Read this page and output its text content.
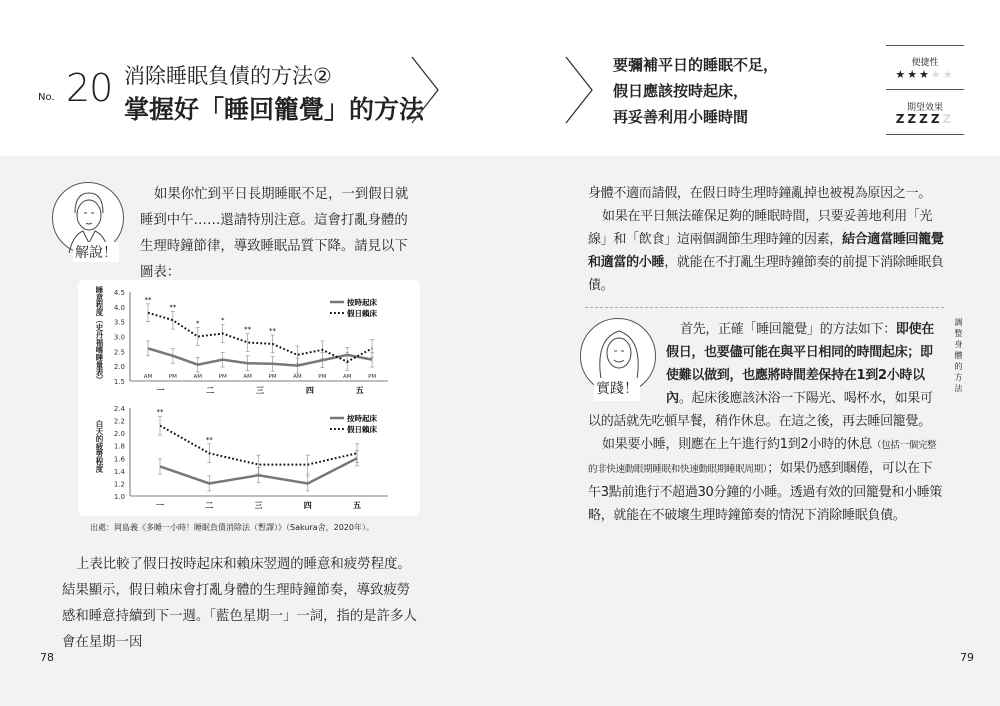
No. 20 消除睡眠負債的方法②
掌握好「睡回籠覺」的方法
要彌補平日的睡眠不足，
假日應該按時起床，
再妥善利用小睡時間
便捷性
★★★★★
期望效果
ZZZZZ
解說！
如果你忙到平日長期睡眠不足，一到假日就睡到中午……還請特別注意。這會打亂身體的生理時鐘節律，導致睡眠品質下降。請見以下圖表：
睡意程度（史丹福嗜睡量表）
白天的疲勞程度
1.5
2.0
2.5
3.0
3.5
4.0
4.5
AM	PM	AM	PM	AM	PM	AM	PM	AM	PM
一	二	三	四	五
按時起床
假日賴床
**
**
*	*
**	**
1.0
1.2
1.4
1.6
1.8
2.0
2.2
2.4
一	二	三	四	五
按時起床
假日賴床
**
**
出處：岡島義《多睡一小時！睡眠負債消除法（暫譯）》（Sakura舍，2020年）。
上表比較了假日按時起床和賴床翌週的睡意和疲勞程度。結果顯示，假日賴床會打亂身體的生理時鐘節奏，導致疲勞感和睡意持續到下一週。「藍色星期一」一詞，指的是許多人會在星期一因
78
身體不適而請假，在假日時生理時鐘亂掉也被視為原因之一。

如果在平日無法確保足夠的睡眠時間，只要妥善地利用「光線」和「飲食」這兩個調節生理時鐘的因素，結合適當睡回籠覺和適當的小睡，就能在不打亂生理時鐘節奏的前提下消除睡眠負債。

實踐！

首先，正確「睡回籠覺」的方法如下：即使在假日，也要儘可能在與平日相同的時間起床；即使難以做到，也應將時間差保持在1到2小時以內。起床後應該沐浴一下陽光、喝杯水，如果可以的話就先吃頓早餐，稍作休息。在這之後，再去睡回籠覺。

如果要小睡，則應在上午進行約1到2小時的休息（包括一個完整的非快速動眼期睡眠和快速動眼期睡眠周期）；如果仍感到睏倦，可以在下午3點前進行不超過30分鐘的小睡。透過有效的回籠覺和小睡策略，就能在不破壞生理時鐘節奏的情況下消除睡眠負債。

調整身體的方法
79
